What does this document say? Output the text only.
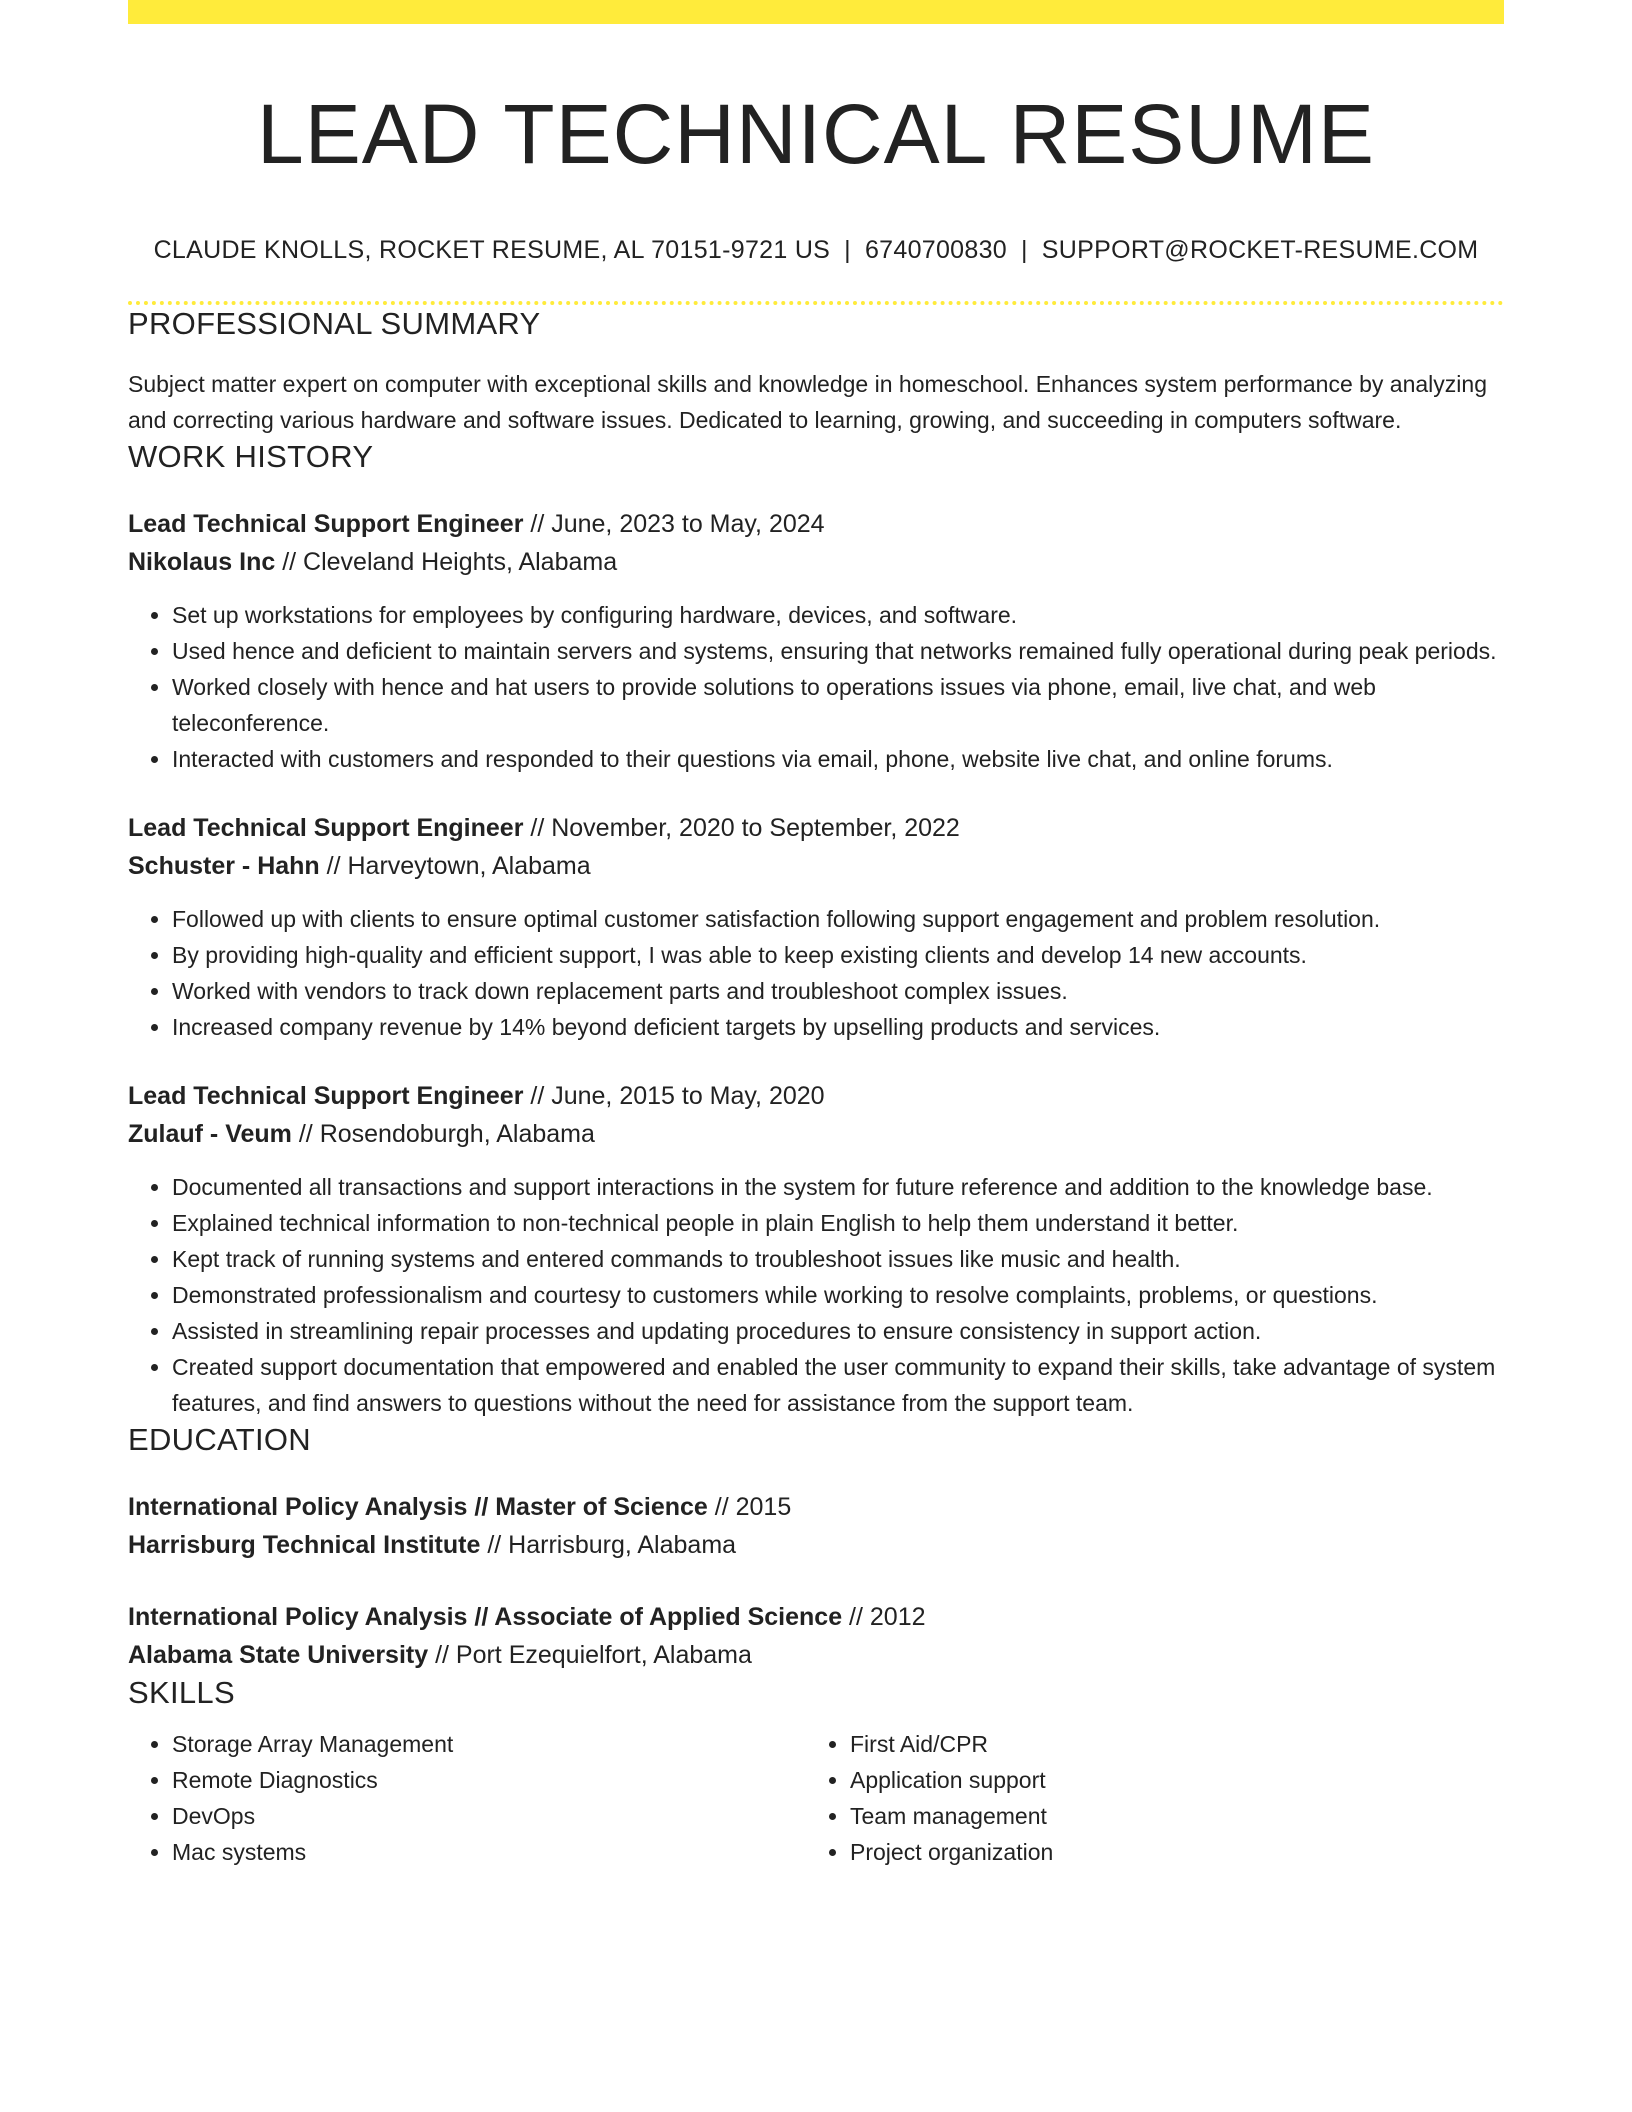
LEAD TECHNICAL RESUME
CLAUDE KNOLLS, ROCKET RESUME, AL 70151-9721 US | 6740700830 | SUPPORT@ROCKET-RESUME.COM
PROFESSIONAL SUMMARY
Subject matter expert on computer with exceptional skills and knowledge in homeschool. Enhances system performance by analyzing and correcting various hardware and software issues. Dedicated to learning, growing, and succeeding in computers software.
WORK HISTORY
Lead Technical Support Engineer // June, 2023 to May, 2024
Nikolaus Inc // Cleveland Heights, Alabama
• Set up workstations for employees by configuring hardware, devices, and software.
• Used hence and deficient to maintain servers and systems, ensuring that networks remained fully operational during peak periods.
• Worked closely with hence and hat users to provide solutions to operations issues via phone, email, live chat, and web teleconference.
• Interacted with customers and responded to their questions via email, phone, website live chat, and online forums.
Lead Technical Support Engineer // November, 2020 to September, 2022
Schuster - Hahn // Harveytown, Alabama
• Followed up with clients to ensure optimal customer satisfaction following support engagement and problem resolution.
• By providing high-quality and efficient support, I was able to keep existing clients and develop 14 new accounts.
• Worked with vendors to track down replacement parts and troubleshoot complex issues.
• Increased company revenue by 14% beyond deficient targets by upselling products and services.
Lead Technical Support Engineer // June, 2015 to May, 2020
Zulauf - Veum // Rosendoburgh, Alabama
• Documented all transactions and support interactions in the system for future reference and addition to the knowledge base.
• Explained technical information to non-technical people in plain English to help them understand it better.
• Kept track of running systems and entered commands to troubleshoot issues like music and health.
• Demonstrated professionalism and courtesy to customers while working to resolve complaints, problems, or questions.
• Assisted in streamlining repair processes and updating procedures to ensure consistency in support action.
• Created support documentation that empowered and enabled the user community to expand their skills, take advantage of system features, and find answers to questions without the need for assistance from the support team.
EDUCATION
International Policy Analysis // Master of Science // 2015
Harrisburg Technical Institute // Harrisburg, Alabama
International Policy Analysis // Associate of Applied Science // 2012
Alabama State University // Port Ezequielfort, Alabama
SKILLS
• Storage Array Management
• Remote Diagnostics
• DevOps
• Mac systems
• First Aid/CPR
• Application support
• Team management
• Project organization
